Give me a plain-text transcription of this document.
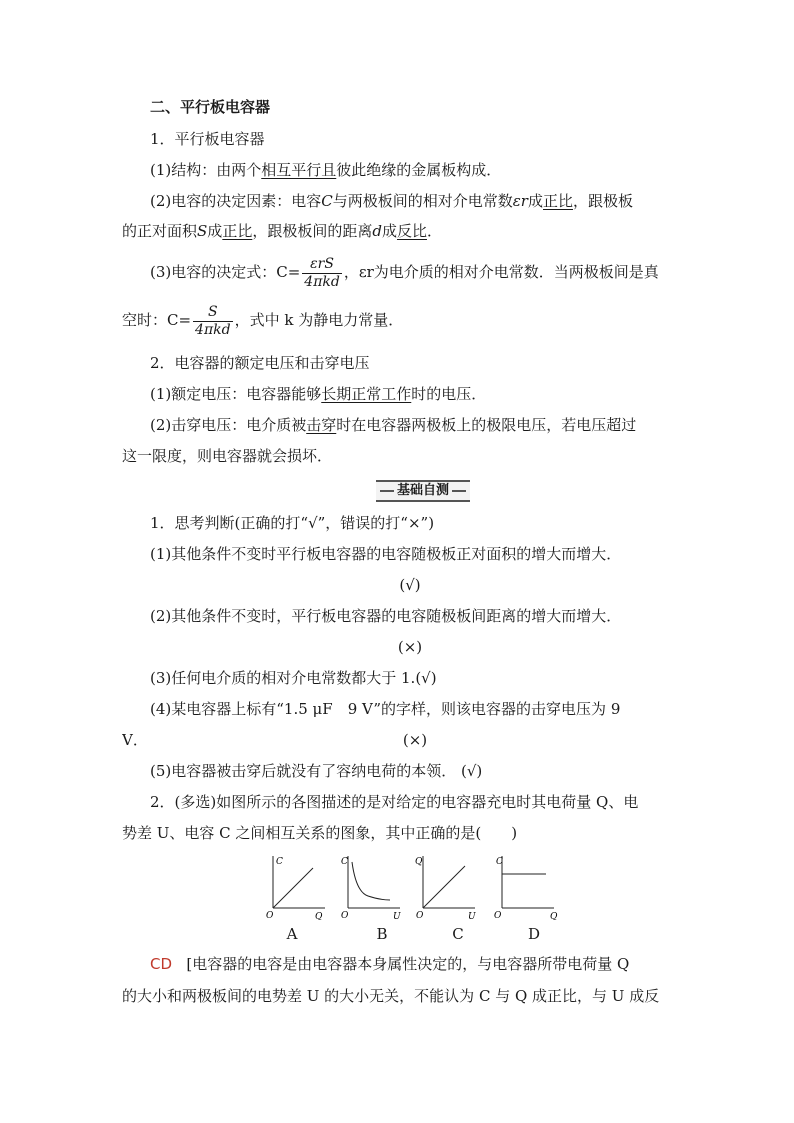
二、平行板电容器
1．平行板电容器
(1)结构：由两个相互平行且彼此绝缘的金属板构成．
(2)电容的决定因素：电容C与两极板间的相对介电常数εr成正比，跟极板
的正对面积S成正比，跟极板间的距离d成反比．
(3)电容的决定式：$C= \frac{\text{εrS}}{\text{4πkd}}$ ，εr为电介质的相对介电常数．当两极板间是真
空时：$C= \frac{S}{\text{4πkd}}$ ，式中 k 为静电力常量．
2．电容器的额定电压和击穿电压
(1)额定电压：电容器能够长期正常工作时的电压．
(2)击穿电压：电介质被击穿时在电容器两极板上的极限电压，若电压超过
这一限度，则电容器就会损坏．
基础自测
1．思考判断(正确的打“√”，错误的打“×”)
(1)其他条件不变时平行板电容器的电容随极板正对面积的增大而增大．
(√)
(2)其他条件不变时，平行板电容器的电容随极板间距离的增大而增大．
(×)
(3)任何电介质的相对介电常数都大于 1.(√)
(4)某电容器上标有“1.5 μF　9 V”的字样，则该电容器的击穿电压为 9
V．	(×)
(5)电容器被击穿后就没有了容纳电荷的本领． (√)
2．(多选)如图所示的各图描述的是对给定的电容器充电时其电荷量 Q、电
势差 U、电容 C 之间相互关系的图象，其中正确的是(　　)
C
Q
O
C
U
O
Q
U
O
C
Q
O
A	B	C	D
CD [电容器的电容是由电容器本身属性决定的，与电容器所带电荷量 Q
的大小和两极板间的电势差 U 的大小无关，不能认为 C 与 Q 成正比，与 U 成反
